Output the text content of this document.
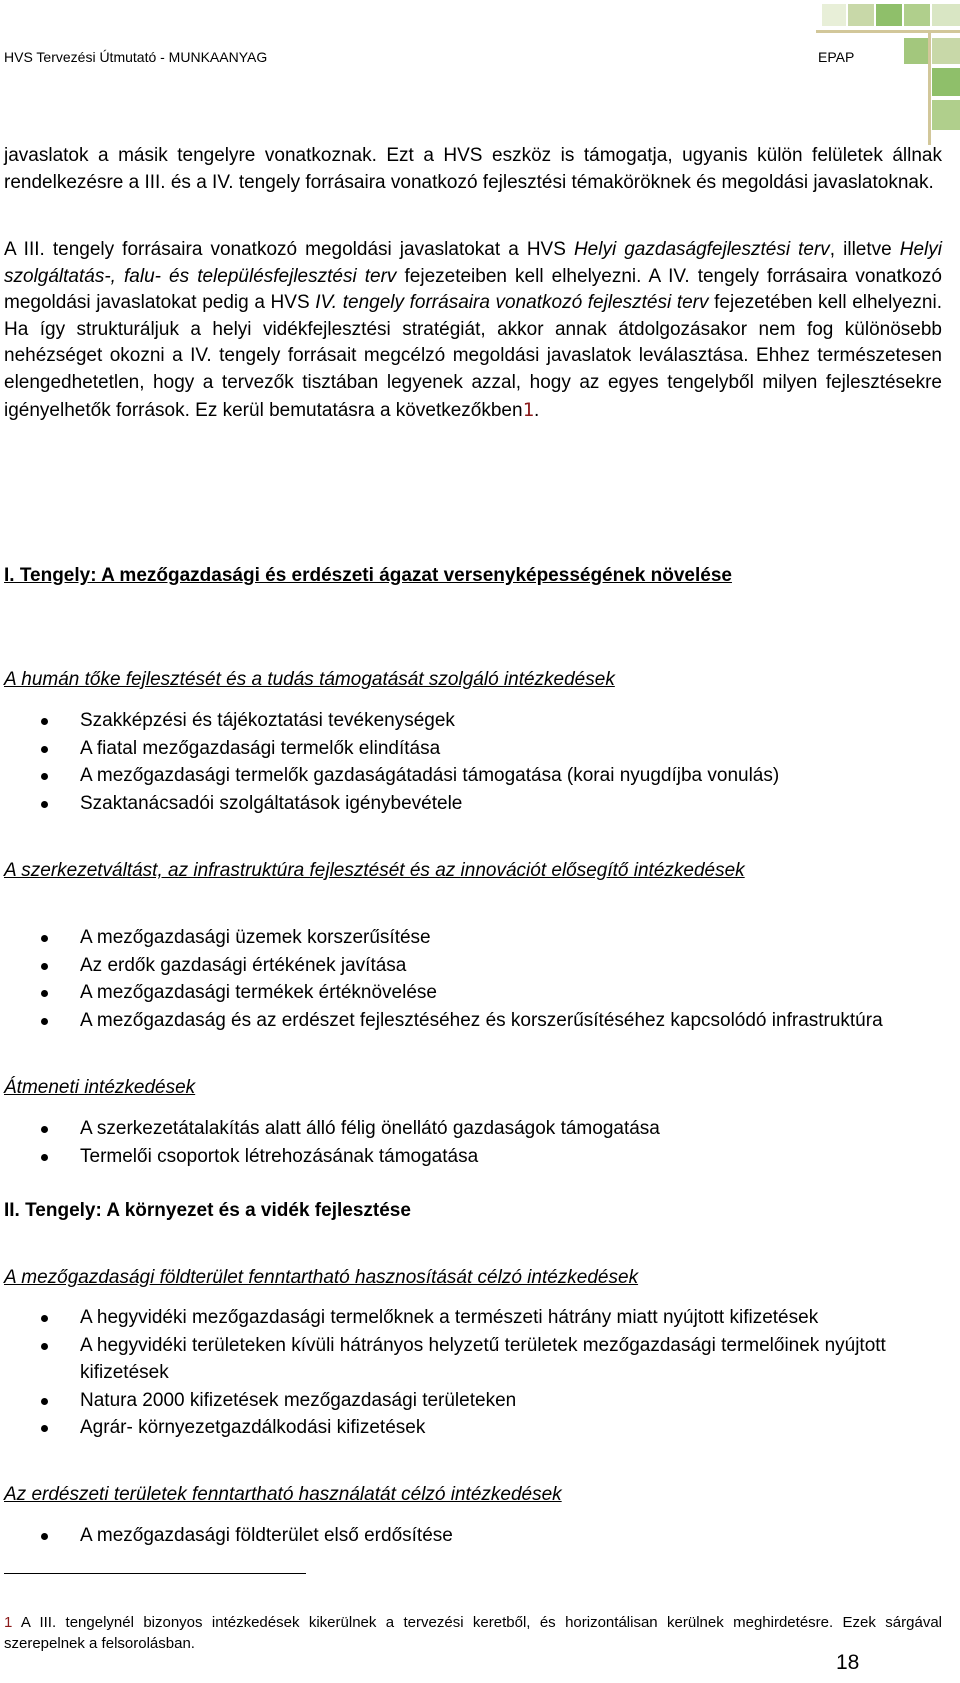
HVS Tervezési Útmutató - MUNKAANYAG	EPAP

javaslatok a másik tengelyre vonatkoznak. Ezt a HVS eszköz is támogatja, ugyanis külön felületek állnak rendelkezésre a III. és a IV. tengely forrásaira vonatkozó fejlesztési témaköröknek és megoldási javaslatoknak.

A III. tengely forrásaira vonatkozó megoldási javaslatokat a HVS Helyi gazdaságfejlesztési terv, illetve Helyi szolgáltatás-, falu- és településfejlesztési terv fejezeteiben kell elhelyezni. A IV. tengely forrásaira vonatkozó megoldási javaslatokat pedig a HVS IV. tengely forrásaira vonatkozó fejlesztési terv fejezetében kell elhelyezni. Ha így strukturáljuk a helyi vidékfejlesztési stratégiát, akkor annak átdolgozásakor nem fog különösebb nehézséget okozni a IV. tengely forrásait megcélzó megoldási javaslatok leválasztása. Ehhez természetesen elengedhetetlen, hogy a tervezők tisztában legyenek azzal, hogy az egyes tengelyből milyen fejlesztésekre igényelhetők források. Ez kerül bemutatásra a következőkben1.

I. Tengely: A mezőgazdasági és erdészeti ágazat versenyképességének növelése
A humán tőke fejlesztését és a tudás támogatását szolgáló intézkedések
Szakképzési és tájékoztatási tevékenységek
A fiatal mezőgazdasági termelők elindítása
A mezőgazdasági termelők gazdaságátadási támogatása (korai nyugdíjba vonulás)
Szaktanácsadói szolgáltatások igénybevétele
A szerkezetváltást, az infrastruktúra fejlesztését és az innovációt elősegítő intézkedések
A mezőgazdasági üzemek korszerűsítése
Az erdők gazdasági értékének javítása
A mezőgazdasági termékek értéknövelése
A mezőgazdaság és az erdészet fejlesztéséhez és korszerűsítéséhez kapcsolódó infrastruktúra
Átmeneti intézkedések
A szerkezetátalakítás alatt álló félig önellátó gazdaságok támogatása
Termelői csoportok létrehozásának támogatása
II. Tengely: A környezet és a vidék fejlesztése
A mezőgazdasági földterület fenntartható hasznosítását célzó intézkedések
A hegyvidéki mezőgazdasági termelőknek a természeti hátrány miatt nyújtott kifizetések
A hegyvidéki területeken kívüli hátrányos helyzetű területek mezőgazdasági termelőinek nyújtott kifizetések
Natura 2000 kifizetések mezőgazdasági területeken
Agrár- környezetgazdálkodási kifizetések
Az erdészeti területek fenntartható használatát célzó intézkedések
A mezőgazdasági földterület első erdősítése
1 A III. tengelynél bizonyos intézkedések kikerülnek a tervezési keretből, és horizontálisan kerülnek meghirdetésre. Ezek sárgával szerepelnek a felsorolásban.
18
